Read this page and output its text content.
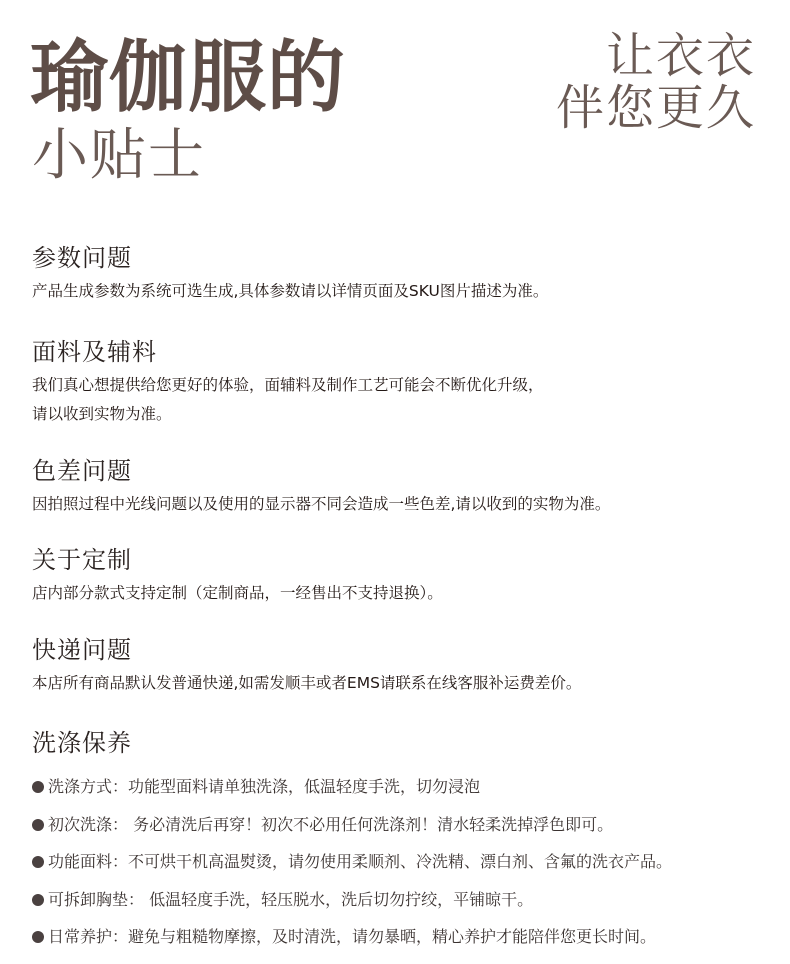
瑜伽服的
小贴士
让衣衣
伴您更久
参数问题

产品生成参数为系统可选生成,具体参数请以详情页面及SKU图片描述为准。

面料及辅料

我们真心想提供给您更好的体验，面辅料及制作工艺可能会不断优化升级，
请以收到实物为准。

色差问题

因拍照过程中光线问题以及使用的显示器不同会造成一些色差,请以收到的实物为准。

关于定制

店内部分款式支持定制（定制商品，一经售出不支持退换）。

快递问题

本店所有商品默认发普通快递,如需发顺丰或者EMS请联系在线客服补运费差价。

洗涤保养
洗涤方式：功能型面料请单独洗涤，低温轻度手洗，切勿浸泡
初次洗涤： 务必清洗后再穿！初次不必用任何洗涤剂！清水轻柔洗掉浮色即可。
功能面料：不可烘干机高温熨烫，请勿使用柔顺剂、冷洗精、漂白剂、含氟的洗衣产品。
可拆卸胸垫： 低温轻度手洗，轻压脱水，洗后切勿拧绞，平铺晾干。
日常养护：避免与粗糙物摩擦，及时清洗，请勿暴晒，精心养护才能陪伴您更长时间。
